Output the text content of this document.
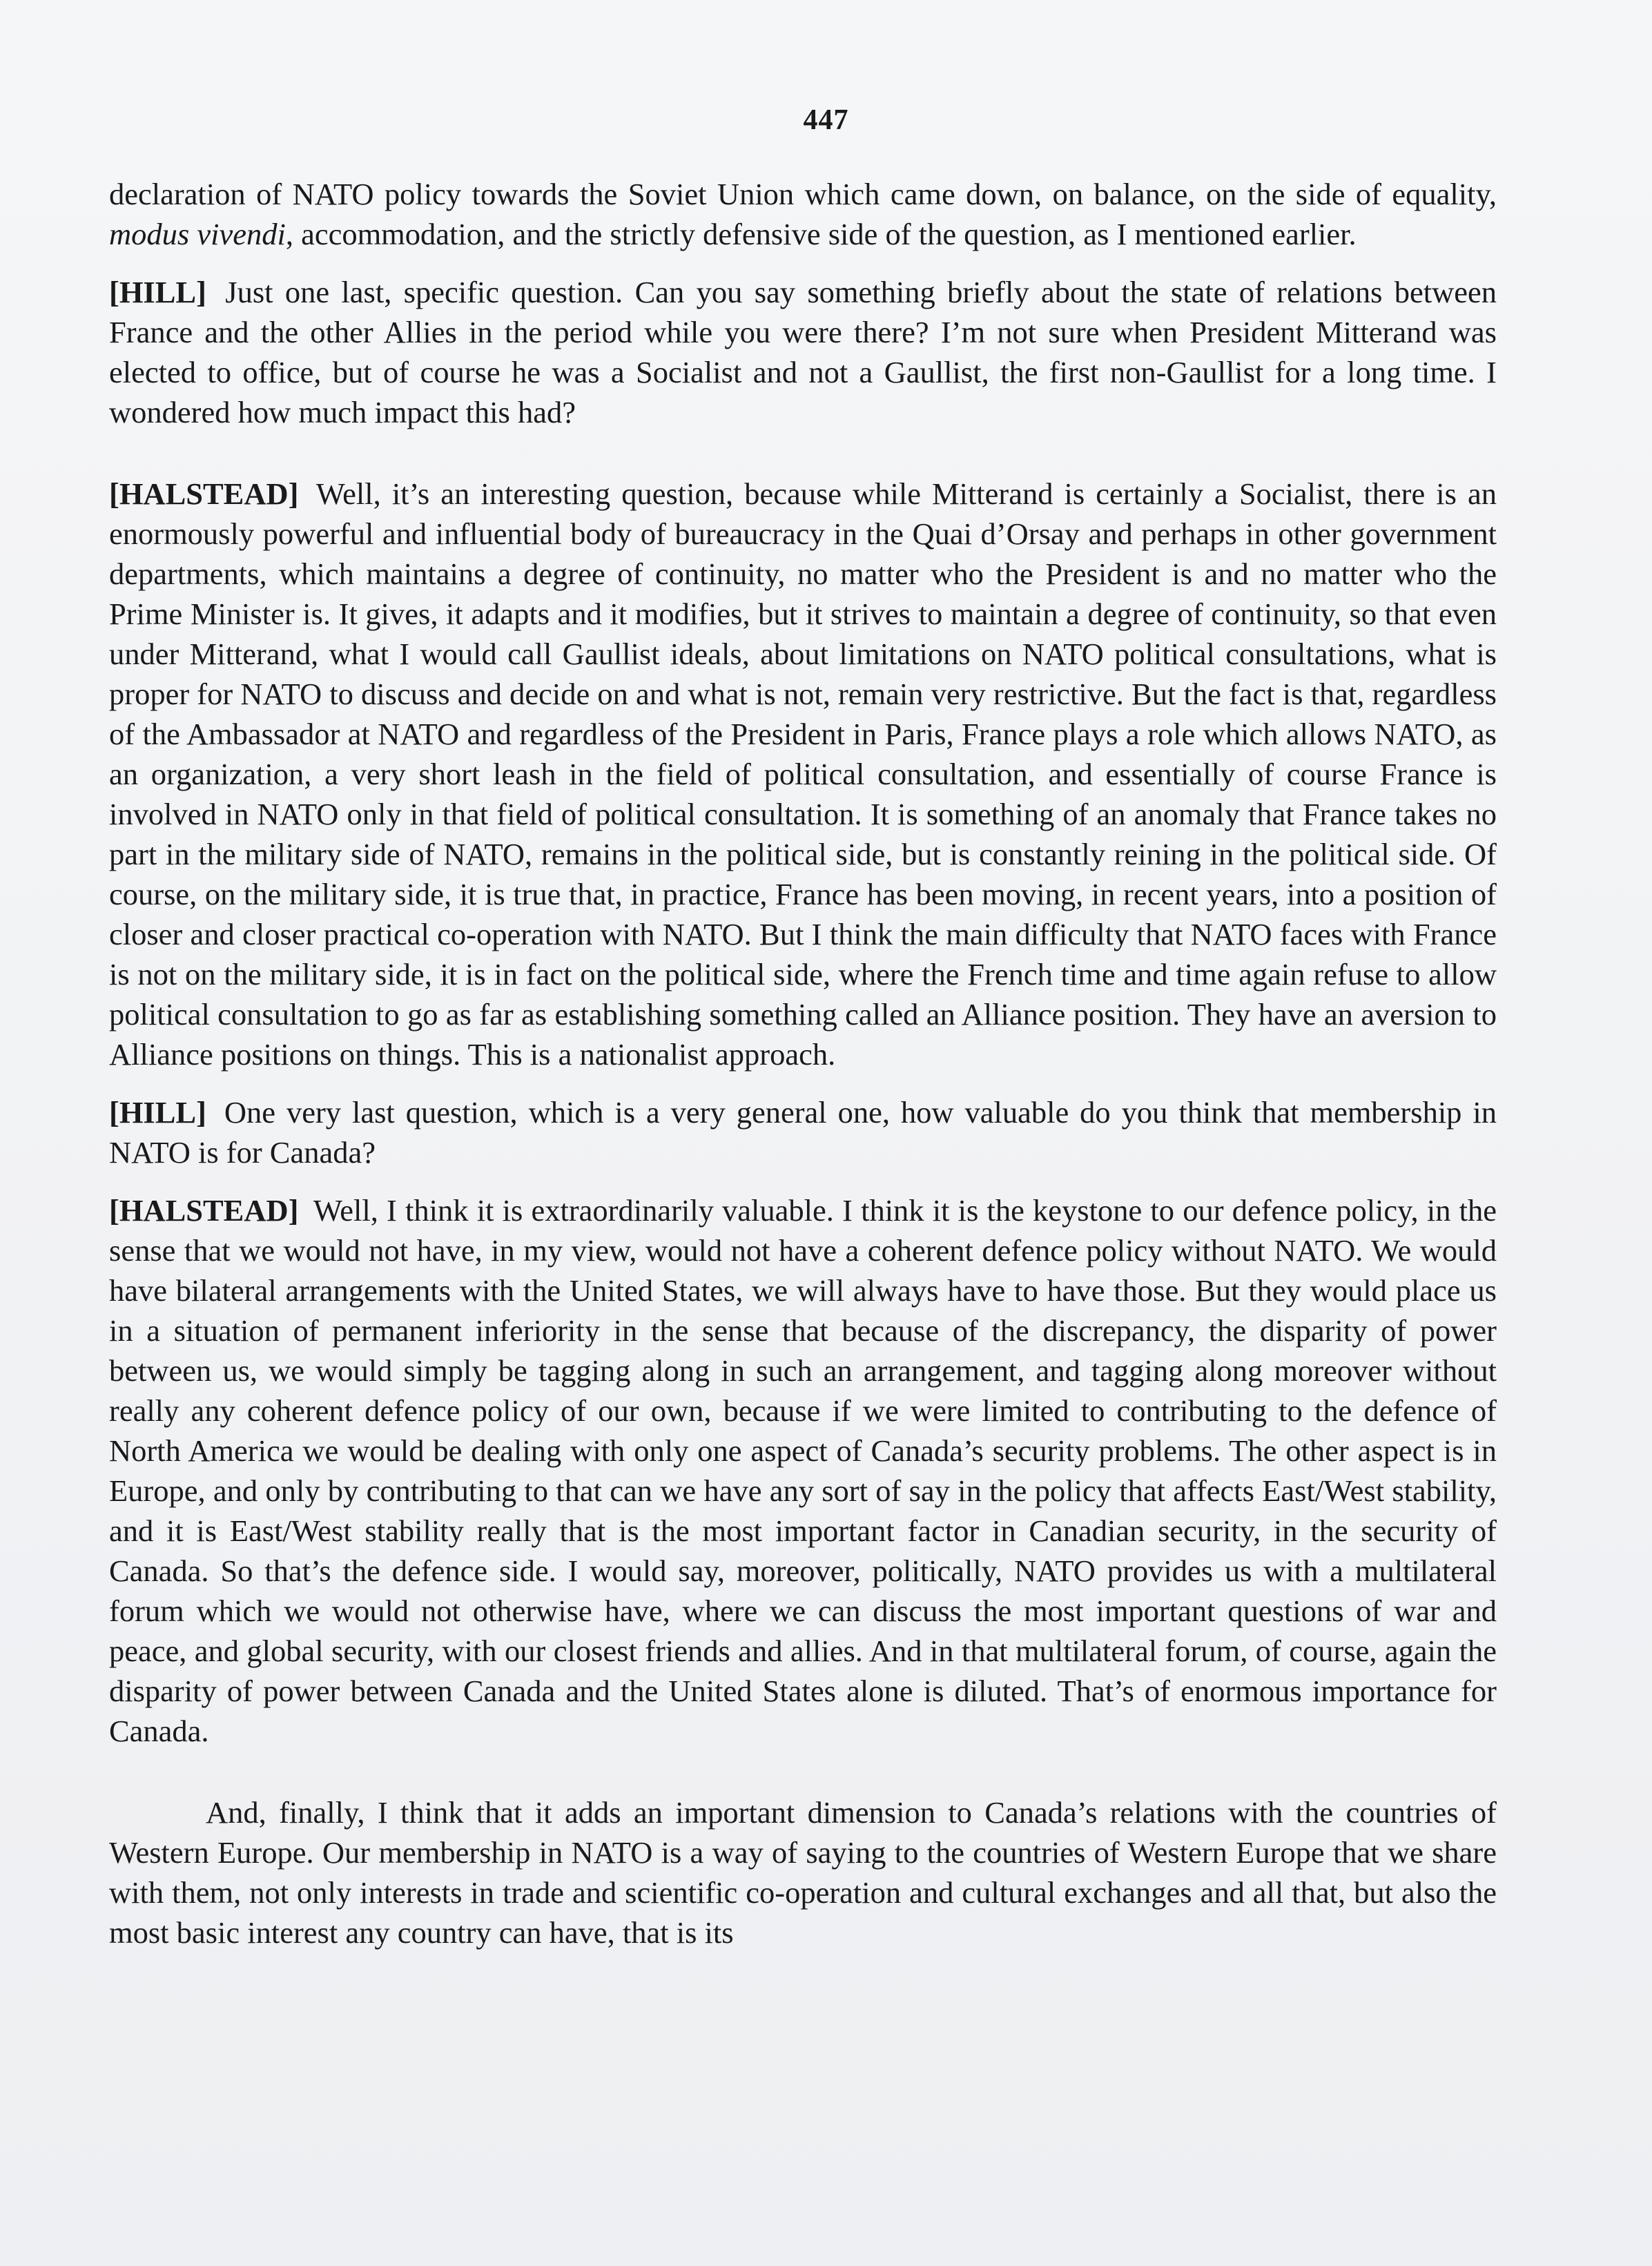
447

declaration of NATO policy towards the Soviet Union which came down, on balance, on the side of equality, modus vivendi, accommodation, and the strictly defensive side of the question, as I mentioned earlier.

[HILL] Just one last, specific question. Can you say something briefly about the state of relations between France and the other Allies in the period while you were there? I’m not sure when President Mitterand was elected to office, but of course he was a Socialist and not a Gaullist, the first non-Gaullist for a long time. I wondered how much impact this had?

[HALSTEAD] Well, it’s an interesting question, because while Mitterand is certainly a Socialist, there is an enormously powerful and influential body of bureaucracy in the Quai d’Orsay and perhaps in other government departments, which maintains a degree of continuity, no matter who the President is and no matter who the Prime Minister is. It gives, it adapts and it modifies, but it strives to maintain a degree of continuity, so that even under Mitterand, what I would call Gaullist ideals, about limitations on NATO political consultations, what is proper for NATO to discuss and decide on and what is not, remain very restrictive. But the fact is that, regardless of the Ambassador at NATO and regardless of the President in Paris, France plays a role which allows NATO, as an organization, a very short leash in the field of political consultation, and essentially of course France is involved in NATO only in that field of political consultation. It is something of an anomaly that France takes no part in the military side of NATO, remains in the political side, but is constantly reining in the political side. Of course, on the military side, it is true that, in practice, France has been moving, in recent years, into a position of closer and closer practical co-operation with NATO. But I think the main difficulty that NATO faces with France is not on the military side, it is in fact on the political side, where the French time and time again refuse to allow political consultation to go as far as establishing something called an Alliance position. They have an aversion to Alliance positions on things. This is a nationalist approach.

[HILL] One very last question, which is a very general one, how valuable do you think that membership in NATO is for Canada?

[HALSTEAD] Well, I think it is extraordinarily valuable. I think it is the keystone to our defence policy, in the sense that we would not have, in my view, would not have a coherent defence policy without NATO. We would have bilateral arrangements with the United States, we will always have to have those. But they would place us in a situation of permanent inferiority in the sense that because of the discrepancy, the disparity of power between us, we would simply be tagging along in such an arrangement, and tagging along moreover without really any coherent defence policy of our own, because if we were limited to contributing to the defence of North America we would be dealing with only one aspect of Canada’s security problems. The other aspect is in Europe, and only by contributing to that can we have any sort of say in the policy that affects East/West stability, and it is East/West stability really that is the most important factor in Canadian security, in the security of Canada. So that’s the defence side. I would say, moreover, politically, NATO provides us with a multilateral forum which we would not otherwise have, where we can discuss the most important questions of war and peace, and global security, with our closest friends and allies. And in that multilateral forum, of course, again the disparity of power between Canada and the United States alone is diluted. That’s of enormous importance for Canada.

And, finally, I think that it adds an important dimension to Canada’s relations with the countries of Western Europe. Our membership in NATO is a way of saying to the countries of Western Europe that we share with them, not only interests in trade and scientific co-operation and cultural exchanges and all that, but also the most basic interest any country can have, that is its
